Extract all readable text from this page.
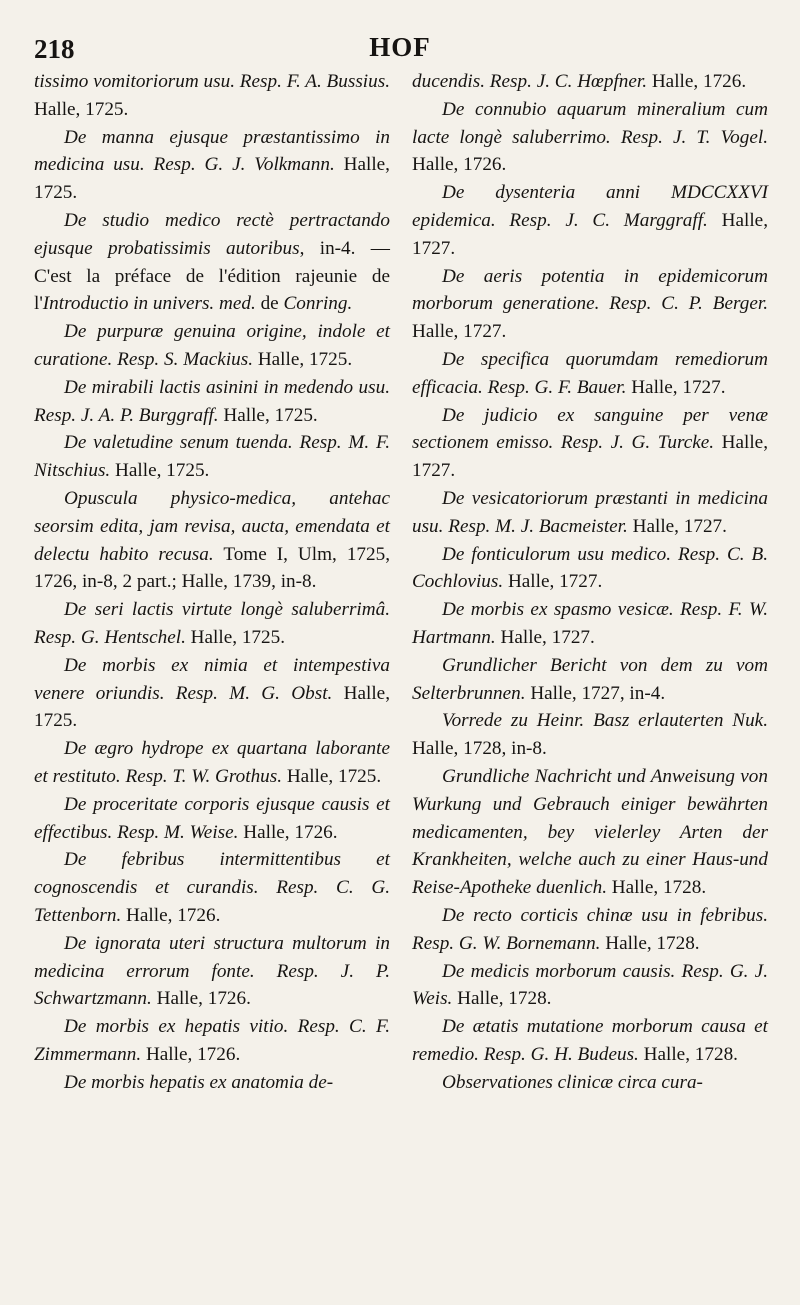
218	HOF

tissimo vomitoriorum usu. Resp. F. A. Bussius. Halle, 1725.

De manna ejusque præstantissimo in medicina usu. Resp. G. J. Volkmann. Halle, 1725.

De studio medico rectè pertractando ejusque probatissimis autoribus, in-4. — C'est la préface de l'édition rajeunie de l'Introductio in univers. med. de Conring.

De purpuræ genuina origine, indole et curatione. Resp. S. Mackius. Halle, 1725.

De mirabili lactis asinini in medendo usu. Resp. J. A. P. Burggraff. Halle, 1725.

De valetudine senum tuenda. Resp. M. F. Nitschius. Halle, 1725.

Opuscula physico-medica, antehac seorsim edita, jam revisa, aucta, emendata et delectu habito recusa. Tome I, Ulm, 1725, 1726, in-8, 2 part.; Halle, 1739, in-8.

De seri lactis virtute longè saluberrimâ. Resp. G. Hentschel. Halle, 1725.

De morbis ex nimia et intempestiva venere oriundis. Resp. M. G. Obst. Halle, 1725.

De ægro hydrope ex quartana laborante et restituto. Resp. T. W. Grothus. Halle, 1725.

De proceritate corporis ejusque causis et effectibus. Resp. M. Weise. Halle, 1726.

De febribus intermittentibus et cognoscendis et curandis. Resp. C. G. Tettenborn. Halle, 1726.

De ignorata uteri structura multorum in medicina errorum fonte. Resp. J. P. Schwartzmann. Halle, 1726.

De morbis ex hepatis vitio. Resp. C. F. Zimmermann. Halle, 1726.

De morbis hepatis ex anatomia de-

ducendis. Resp. J. C. Hœpfner. Halle, 1726.

De connubio aquarum mineralium cum lacte longè saluberrimo. Resp. J. T. Vogel. Halle, 1726.

De dysenteria anni MDCCXXVI epidemica. Resp. J. C. Marggraff. Halle, 1727.

De aeris potentia in epidemicorum morborum generatione. Resp. C. P. Berger. Halle, 1727.

De specifica quorumdam remediorum efficacia. Resp. G. F. Bauer. Halle, 1727.

De judicio ex sanguine per venæ sectionem emisso. Resp. J. G. Turcke. Halle, 1727.

De vesicatoriorum præstanti in medicina usu. Resp. M. J. Bacmeister. Halle, 1727.

De fonticulorum usu medico. Resp. C. B. Cochlovius. Halle, 1727.

De morbis ex spasmo vesicæ. Resp. F. W. Hartmann. Halle, 1727.

Grundlicher Bericht von dem zu vom Selterbrunnen. Halle, 1727, in-4.

Vorrede zu Heinr. Basz erlauterten Nuk. Halle, 1728, in-8.

Grundliche Nachricht und Anweisung von Wurkung und Gebrauch einiger bewährten medicamenten, bey vielerley Arten der Krankheiten, welche auch zu einer Haus-und Reise-Apotheke duenlich. Halle, 1728.

De recto corticis chinæ usu in febribus. Resp. G. W. Bornemann. Halle, 1728.

De medicis morborum causis. Resp. G. J. Weis. Halle, 1728.

De ætatis mutatione morborum causa et remedio. Resp. G. H. Budeus. Halle, 1728.

Observationes clinicæ circa cura-
